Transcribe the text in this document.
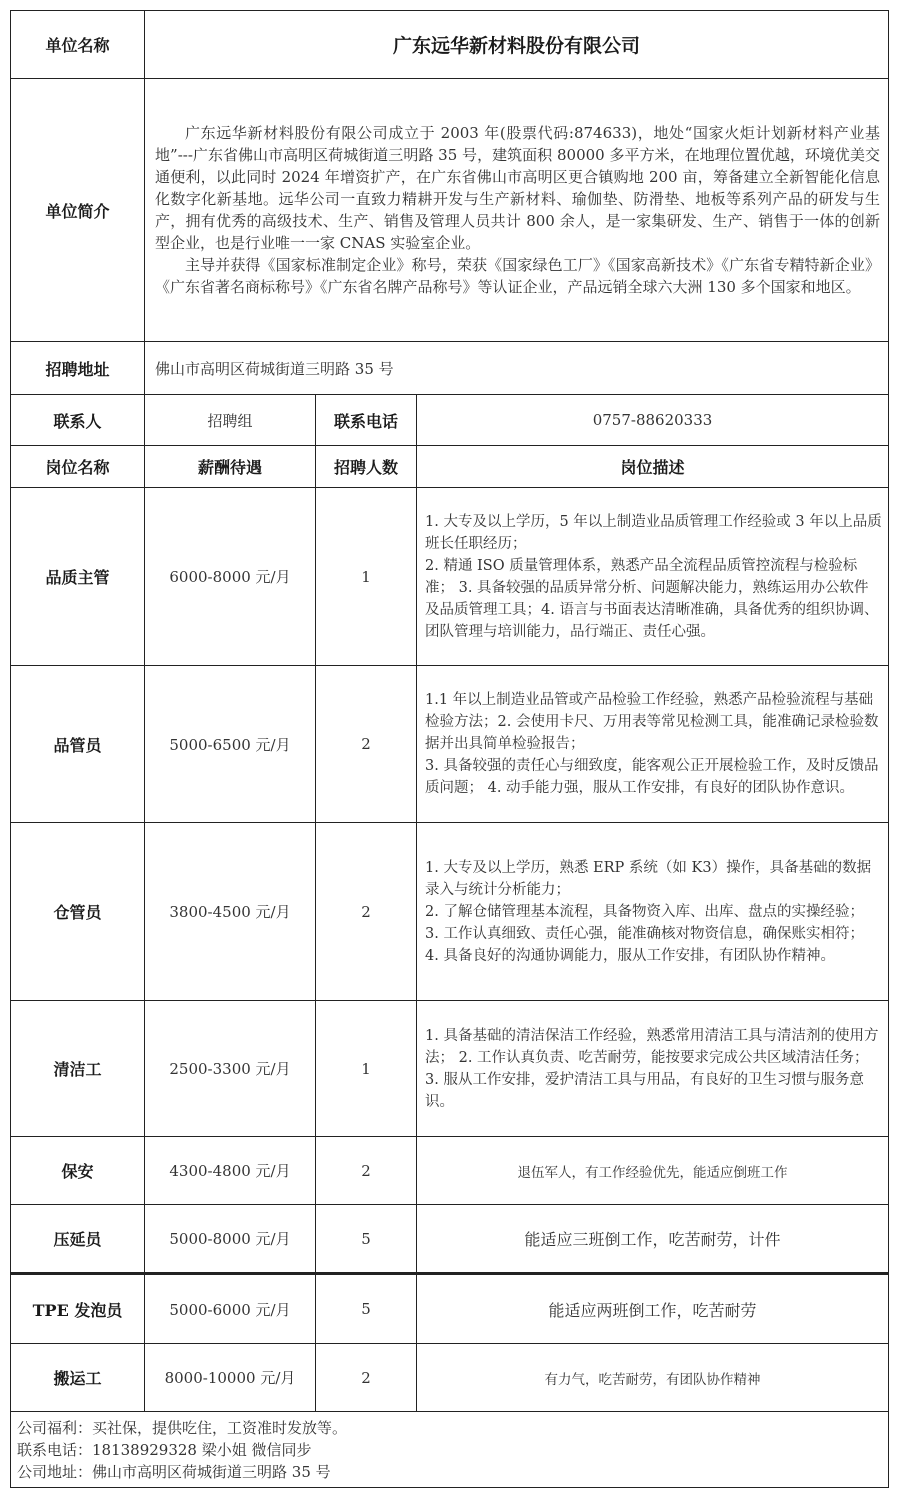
单位名称	广东远华新材料股份有限公司		
单位简介	广东远华新材料股份有限公司成立于 2003 年(股票代码:874633)，地处“国家火炬计划新材料产业基地”---广东省佛山市高明区荷城街道三明路 35 号，建筑面积 80000 多平方米，在地理位置优越，环境优美交通便利，以此同时 2024 年增资扩产，在广东省佛山市高明区更合镇购地 200 亩，筹备建立全新智能化信息化数字化新基地。远华公司一直致力精耕开发与生产新材料、瑜伽垫、防滑垫、地板等系列产品的研发与生产，拥有优秀的高级技术、生产、销售及管理人员共计 800 余人，是一家集研发、生产、销售于一体的创新型企业，也是行业唯一一家 CNAS 实验室企业。

主导并获得《国家标准制定企业》称号，荣获《国家绿色工厂》《国家高新技术》《广东省专精特新企业》《广东省著名商标称号》《广东省名牌产品称号》等认证企业，产品远销全球六大洲 130 多个国家和地区。		

招聘地址	佛山市高明区荷城街道三明路 35 号		
联系人	招聘组	联系电话	0757-88620333
岗位名称	薪酬待遇	招聘人数	岗位描述
品质主管	6000-8000 元/月	1	1. 大专及以上学历，5 年以上制造业品质管理工作经验或 3 年以上品质班长任职经历；

2. 精通 ISO 质量管理体系，熟悉产品全流程品质管控流程与检验标准； 3. 具备较强的品质异常分析、问题解决能力，熟练运用办公软件及品质管理工具；4. 语言与书面表达清晰准确，具备优秀的组织协调、团队管理与培训能力，品行端正、责任心强。

品管员	5000-6500 元/月	2	1.1 年以上制造业品管或产品检验工作经验，熟悉产品检验流程与基础检验方法；2. 会使用卡尺、万用表等常见检测工具，能准确记录检验数据并出具简单检验报告；

3. 具备较强的责任心与细致度，能客观公正开展检验工作，及时反馈品质问题； 4. 动手能力强，服从工作安排，有良好的团队协作意识。

仓管员	3800-4500 元/月	2	1. 大专及以上学历，熟悉 ERP 系统（如 K3）操作，具备基础的数据录入与统计分析能力；

2. 了解仓储管理基本流程，具备物资入库、出库、盘点的实操经验； 3. 工作认真细致、责任心强，能准确核对物资信息，确保账实相符；

4. 具备良好的沟通协调能力，服从工作安排，有团队协作精神。

清洁工	2500-3300 元/月	1	1. 具备基础的清洁保洁工作经验，熟悉常用清洁工具与清洁剂的使用方法； 2. 工作认真负责、吃苦耐劳，能按要求完成公共区域清洁任务；

3. 服从工作安排，爱护清洁工具与用品，有良好的卫生习惯与服务意识。

保安	4300-4800 元/月	2	退伍军人，有工作经验优先，能适应倒班工作
压延员	5000-8000 元/月	5	能适应三班倒工作，吃苦耐劳，计件
TPE 发泡员	5000-6000 元/月	5	能适应两班倒工作，吃苦耐劳
搬运工	8000-10000 元/月	2	有力气，吃苦耐劳，有团队协作精神

公司福利：买社保，提供吃住，工资准时发放等。
联系电话：18138929328 梁小姐 微信同步
公司地址：佛山市高明区荷城街道三明路 35 号			
